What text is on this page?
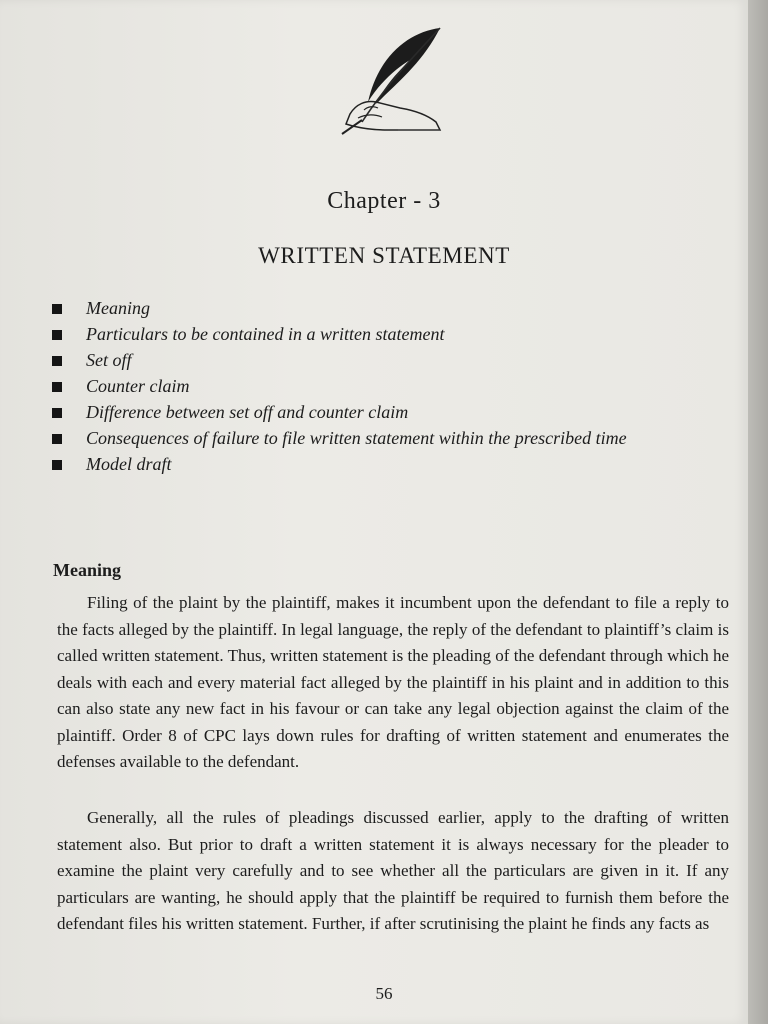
Chapter - 3
WRITTEN STATEMENT
Meaning
Particulars to be contained in a written statement
Set off
Counter claim
Difference between set off and counter claim
Consequences of failure to file written statement within the prescribed time
Model draft
Meaning

Filing of the plaint by the plaintiff, makes it incumbent upon the defendant to file a reply to the facts alleged by the plaintiff. In legal language, the reply of the defendant to plaintiff’s claim is called written statement. Thus, written statement is the pleading of the defendant through which he deals with each and every material fact alleged by the plaintiff in his plaint and in addition to this can also state any new fact in his favour or can take any legal objection against the claim of the plaintiff. Order 8 of CPC lays down rules for drafting of written statement and enumerates the defenses available to the defendant.

Generally, all the rules of pleadings discussed earlier, apply to the drafting of written statement also. But prior to draft a written statement it is always necessary for the pleader to examine the plaint very carefully and to see whether all the particulars are given in it. If any particulars are wanting, he should apply that the plaintiff be required to furnish them before the defendant files his written statement. Further, if after scrutinising the plaint he finds any facts as

56
